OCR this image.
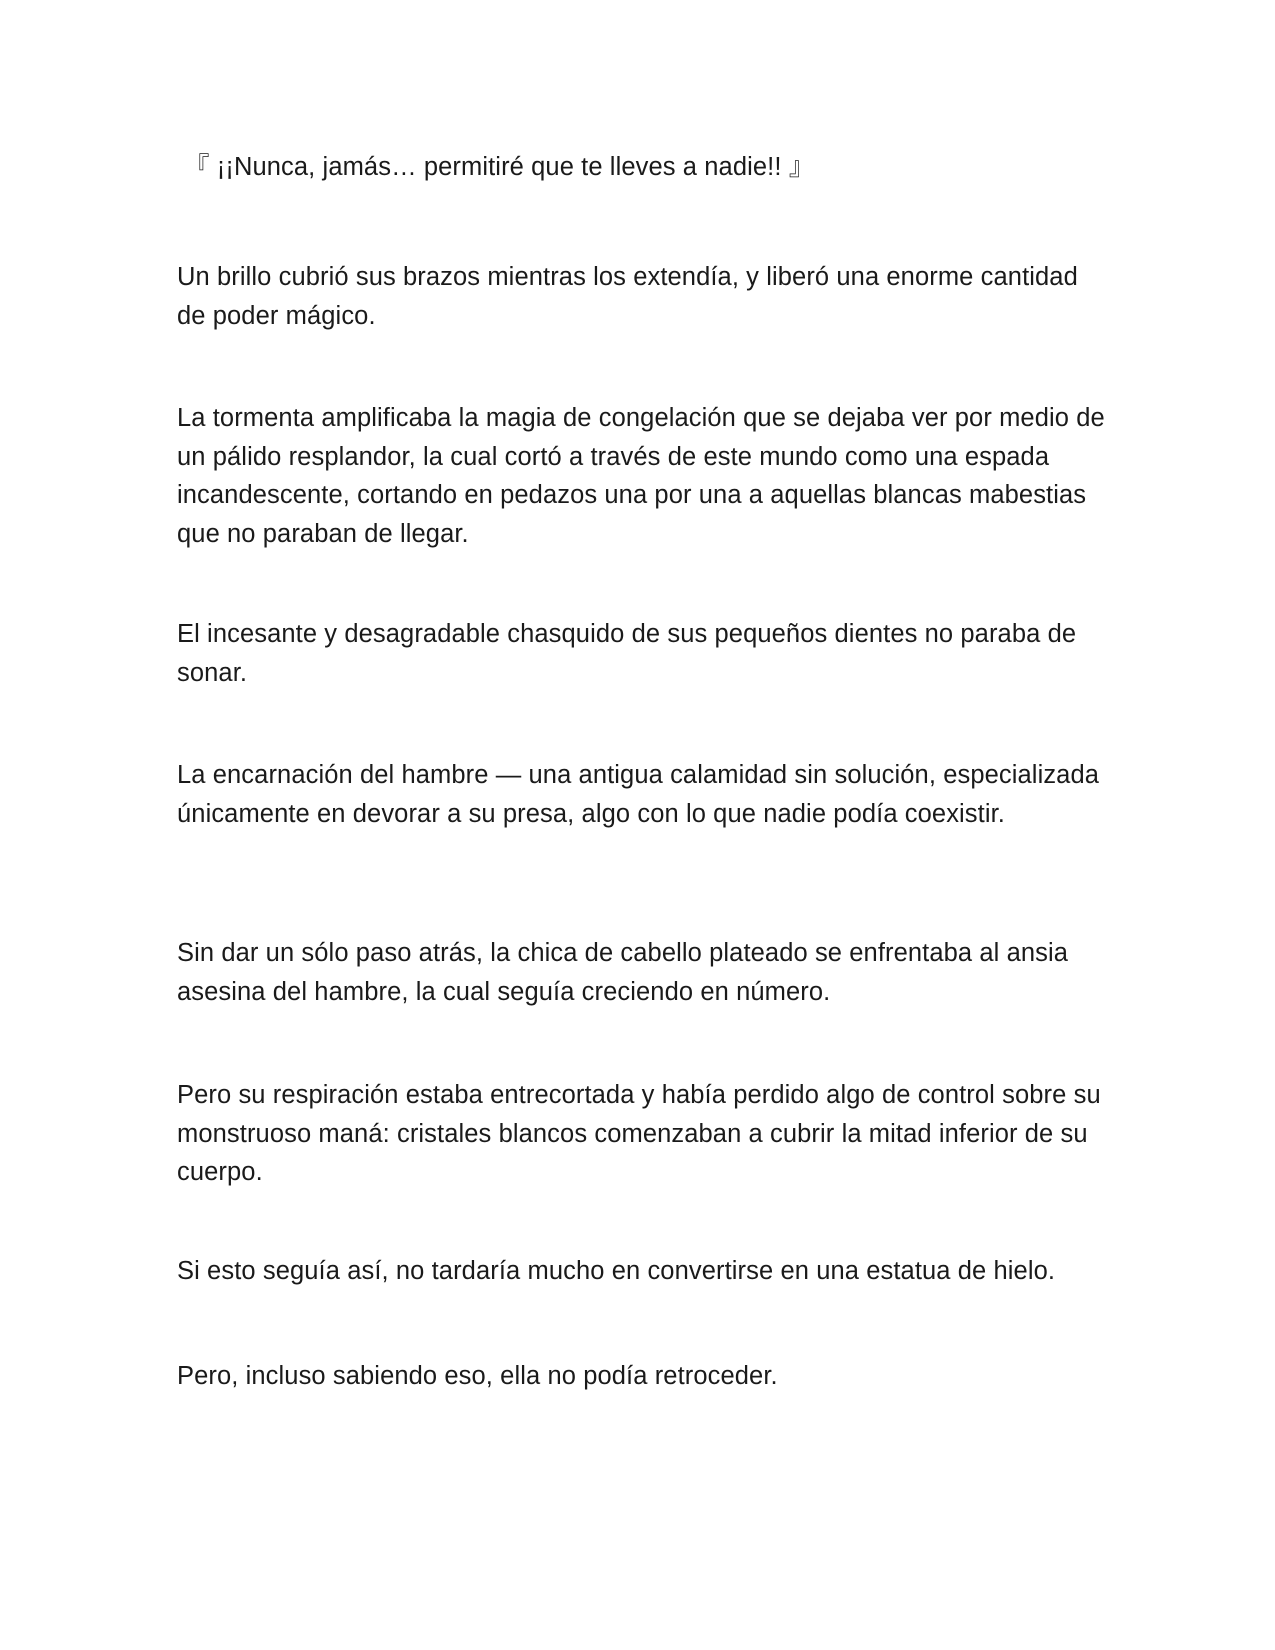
『 ¡¡Nunca, jamás… permitiré que te lleves a nadie!! 』

Un brillo cubrió sus brazos mientras los extendía, y liberó una enorme cantidad de poder mágico.

La tormenta amplificaba la magia de congelación que se dejaba ver por medio de un pálido resplandor, la cual cortó a través de este mundo como una espada incandescente, cortando en pedazos una por una a aquellas blancas mabestias que no paraban de llegar.

El incesante y desagradable chasquido de sus pequeños dientes no paraba de sonar.

La encarnación del hambre — una antigua calamidad sin solución, especializada únicamente en devorar a su presa, algo con lo que nadie podía coexistir.

Sin dar un sólo paso atrás, la chica de cabello plateado se enfrentaba al ansia asesina del hambre, la cual seguía creciendo en número.

Pero su respiración estaba entrecortada y había perdido algo de control sobre su monstruoso maná: cristales blancos comenzaban a cubrir la mitad inferior de su cuerpo.

Si esto seguía así, no tardaría mucho en convertirse en una estatua de hielo.

Pero, incluso sabiendo eso, ella no podía retroceder.
